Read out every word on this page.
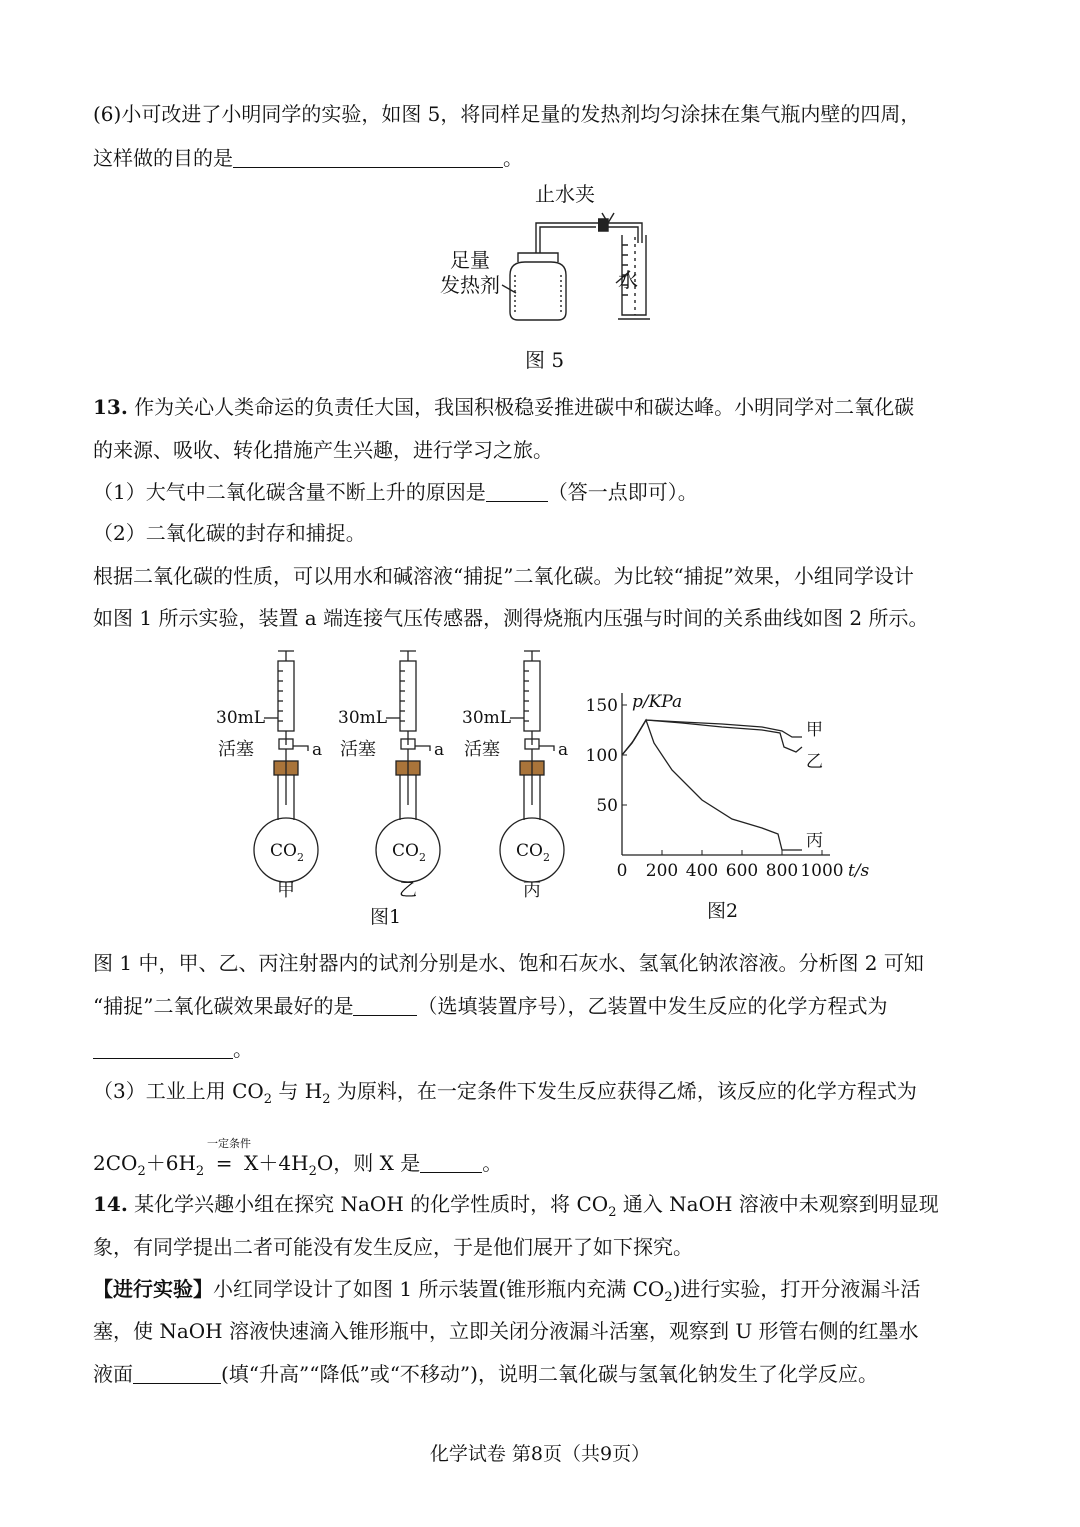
(6)小可改进了小明同学的实验，如图 5，将同样足量的发热剂均匀涂抹在集气瓶内壁的四周，
这样做的目的是	。
止水夹
足量
发热剂	水
图 5
13. 作为关心人类命运的负责任大国，我国积极稳妥推进碳中和碳达峰。小明同学对二氧化碳
的来源、吸收、转化措施产生兴趣，进行学习之旅。
（1）大气中二氧化碳含量不断上升的原因是	（答一点即可）。
（2）二氧化碳的封存和捕捉。
根据二氧化碳的性质，可以用水和碱溶液“捕捉”二氧化碳。为比较“捕捉”效果，小组同学设计
如图 1 所示实验，装置 a 端连接气压传感器，测得烧瓶内压强与时间的关系曲线如图 2 所示。
30mL
活塞	a
CO 2
甲
30mL
活塞	a
CO 2
乙
30mL
活塞	a
CO 2
丙
图1	图2
50
100
150
0 200 400 600 800 1000
p/KPa
t/s
甲
乙
丙
图 1 中，甲、乙、丙注射器内的试剂分别是水、饱和石灰水、氢氧化钠浓溶液。分析图 2 可知
“捕捉”二氧化碳效果最好的是	（选填装置序号），乙装置中发生反应的化学方程式为
。
（3）工业上用 $CO_2$ 与 $H_2$ 为原料，在一定条件下发生反应获得乙烯，该反应的化学方程式为
一定条件
$2CO_2+6H_2 = X+4H_2O$，则 X 是	。
14. 某化学兴趣小组在探究 NaOH 的化学性质时，将 $CO_2$ 通入 NaOH 溶液中未观察到明显现
象，有同学提出二者可能没有发生反应，于是他们展开了如下探究。
【进行实验】小红同学设计了如图 1 所示装置(锥形瓶内充满 $CO_2$)进行实验，打开分液漏斗活
塞，使 NaOH 溶液快速滴入锥形瓶中，立即关闭分液漏斗活塞，观察到 U 形管右侧的红墨水
液面	(填“升高”“降低”或“不移动”)，说明二氧化碳与氢氧化钠发生了化学反应。
化学试卷 第8页（共9页）
